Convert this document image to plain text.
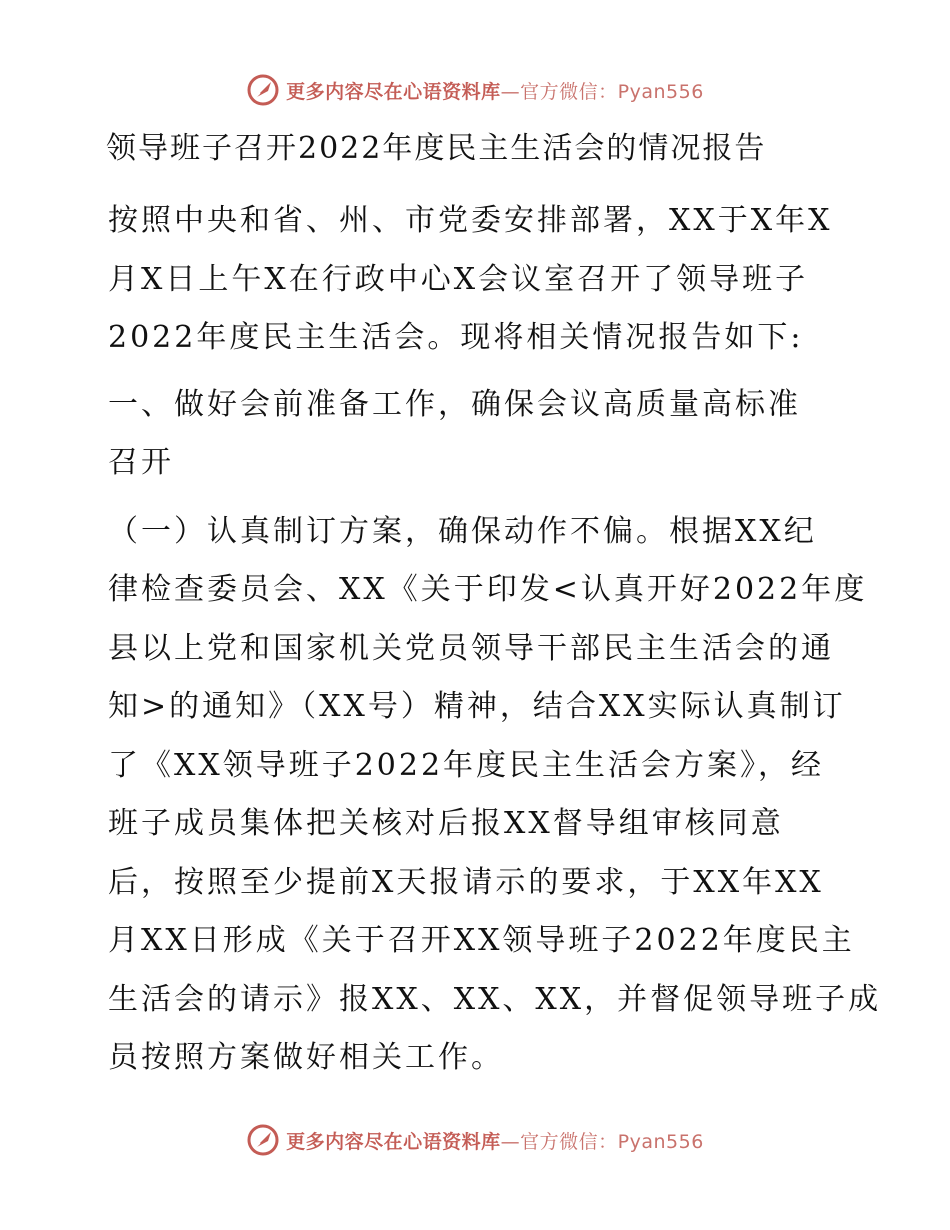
更多内容尽在心语资料库—官方微信：Pyan556
领导班子召开2022年度民主生活会的情况报告

按照中央和省、州、市党委安排部署，XX于X年X
月X日上午X在行政中心X会议室召开了领导班子
2022年度民主生活会。现将相关情况报告如下:

一、做好会前准备工作，确保会议高质量高标准
召开

（一）认真制订方案，确保动作不偏。根据XX纪
律检查委员会、XX《关于印发<认真开好2022年度
县以上党和国家机关党员领导干部民主生活会的通
知>的通知》（XX号）精神，结合XX实际认真制订
了《XX领导班子2022年度民主生活会方案》，经
班子成员集体把关核对后报XX督导组审核同意
后，按照至少提前X天报请示的要求，于XX年XX
月XX日形成《关于召开XX领导班子2022年度民主
生活会的请示》报XX、XX、XX，并督促领导班子成
员按照方案做好相关工作。

更多内容尽在心语资料库—官方微信：Pyan556
